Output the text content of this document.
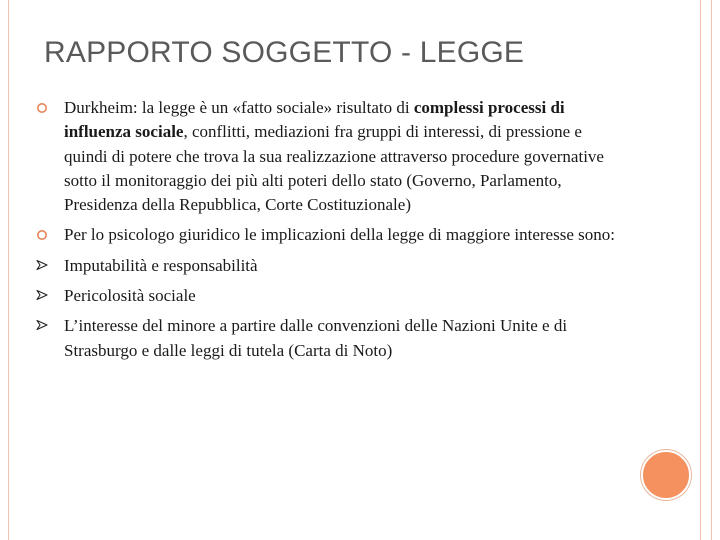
RAPPORTO SOGGETTO - LEGGE
Durkheim: la legge è un «fatto sociale» risultato di complessi processi di influenza sociale, conflitti, mediazioni fra gruppi di interessi, di pressione e quindi di potere che trova la sua realizzazione attraverso procedure governative sotto il monitoraggio dei più alti poteri dello stato (Governo, Parlamento, Presidenza della Repubblica, Corte Costituzionale)
Per lo psicologo giuridico le implicazioni della legge di maggiore interesse sono:
Imputabilità e responsabilità
Pericolosità sociale
L’interesse del minore a partire dalle convenzioni delle Nazioni Unite e di Strasburgo e dalle leggi di tutela (Carta di Noto)
